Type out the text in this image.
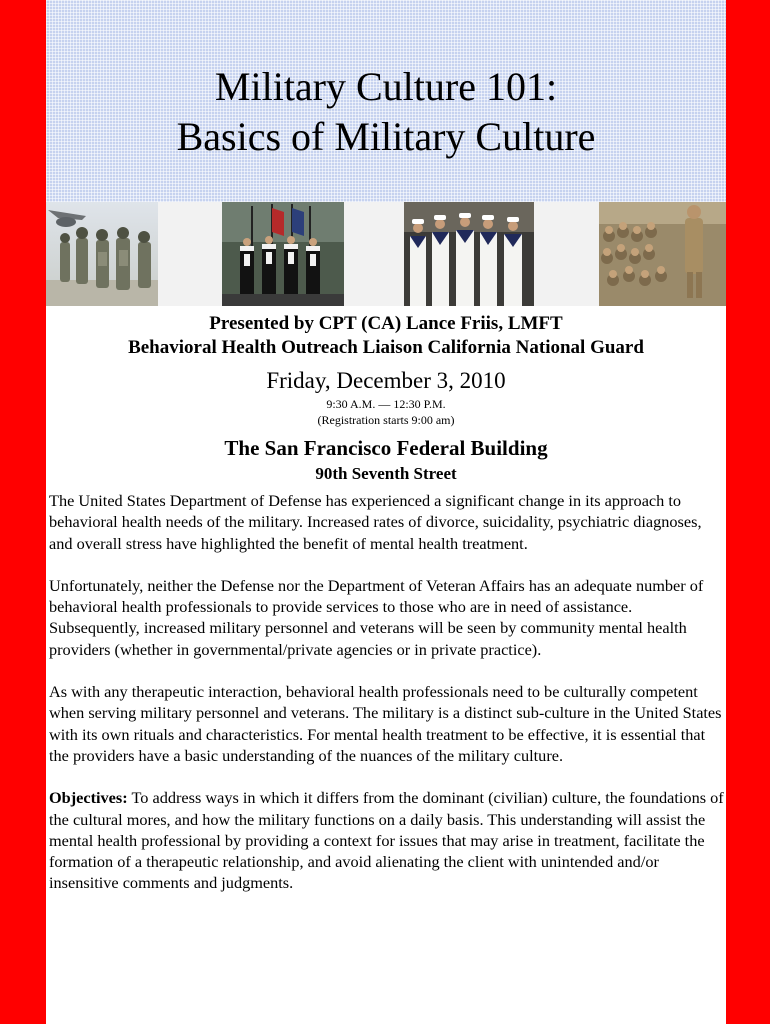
Military Culture 101:
Basics of Military Culture
Presented by CPT (CA) Lance Friis, LMFT
Behavioral Health Outreach Liaison California National Guard
Friday, December 3, 2010
9:30 A.M. — 12:30 P.M.
(Registration starts 9:00 am)
The San Francisco Federal Building
90th Seventh Street

The United States Department of Defense has experienced a significant change in its approach to behavioral health needs of the military. Increased rates of divorce, suicidality, psychiatric diagnoses, and overall stress have highlighted the benefit of mental health treatment.

Unfortunately, neither the Defense nor the Department of Veteran Affairs has an adequate number of behavioral health professionals to provide services to those who are in need of assistance. Subsequently, increased military personnel and veterans will be seen by community mental health providers (whether in governmental/private agencies or in private practice).

As with any therapeutic interaction, behavioral health professionals need to be culturally competent when serving military personnel and veterans. The military is a distinct sub-culture in the United States with its own rituals and characteristics. For mental health treatment to be effective, it is essential that the providers have a basic understanding of the nuances of the military culture.

Objectives: To address ways in which it differs from the dominant (civilian) culture, the foundations of the cultural mores, and how the military functions on a daily basis. This understanding will assist the mental health professional by providing a context for issues that may arise in treatment, facilitate the formation of a therapeutic relationship, and avoid alienating the client with unintended and/or insensitive comments and judgments.
